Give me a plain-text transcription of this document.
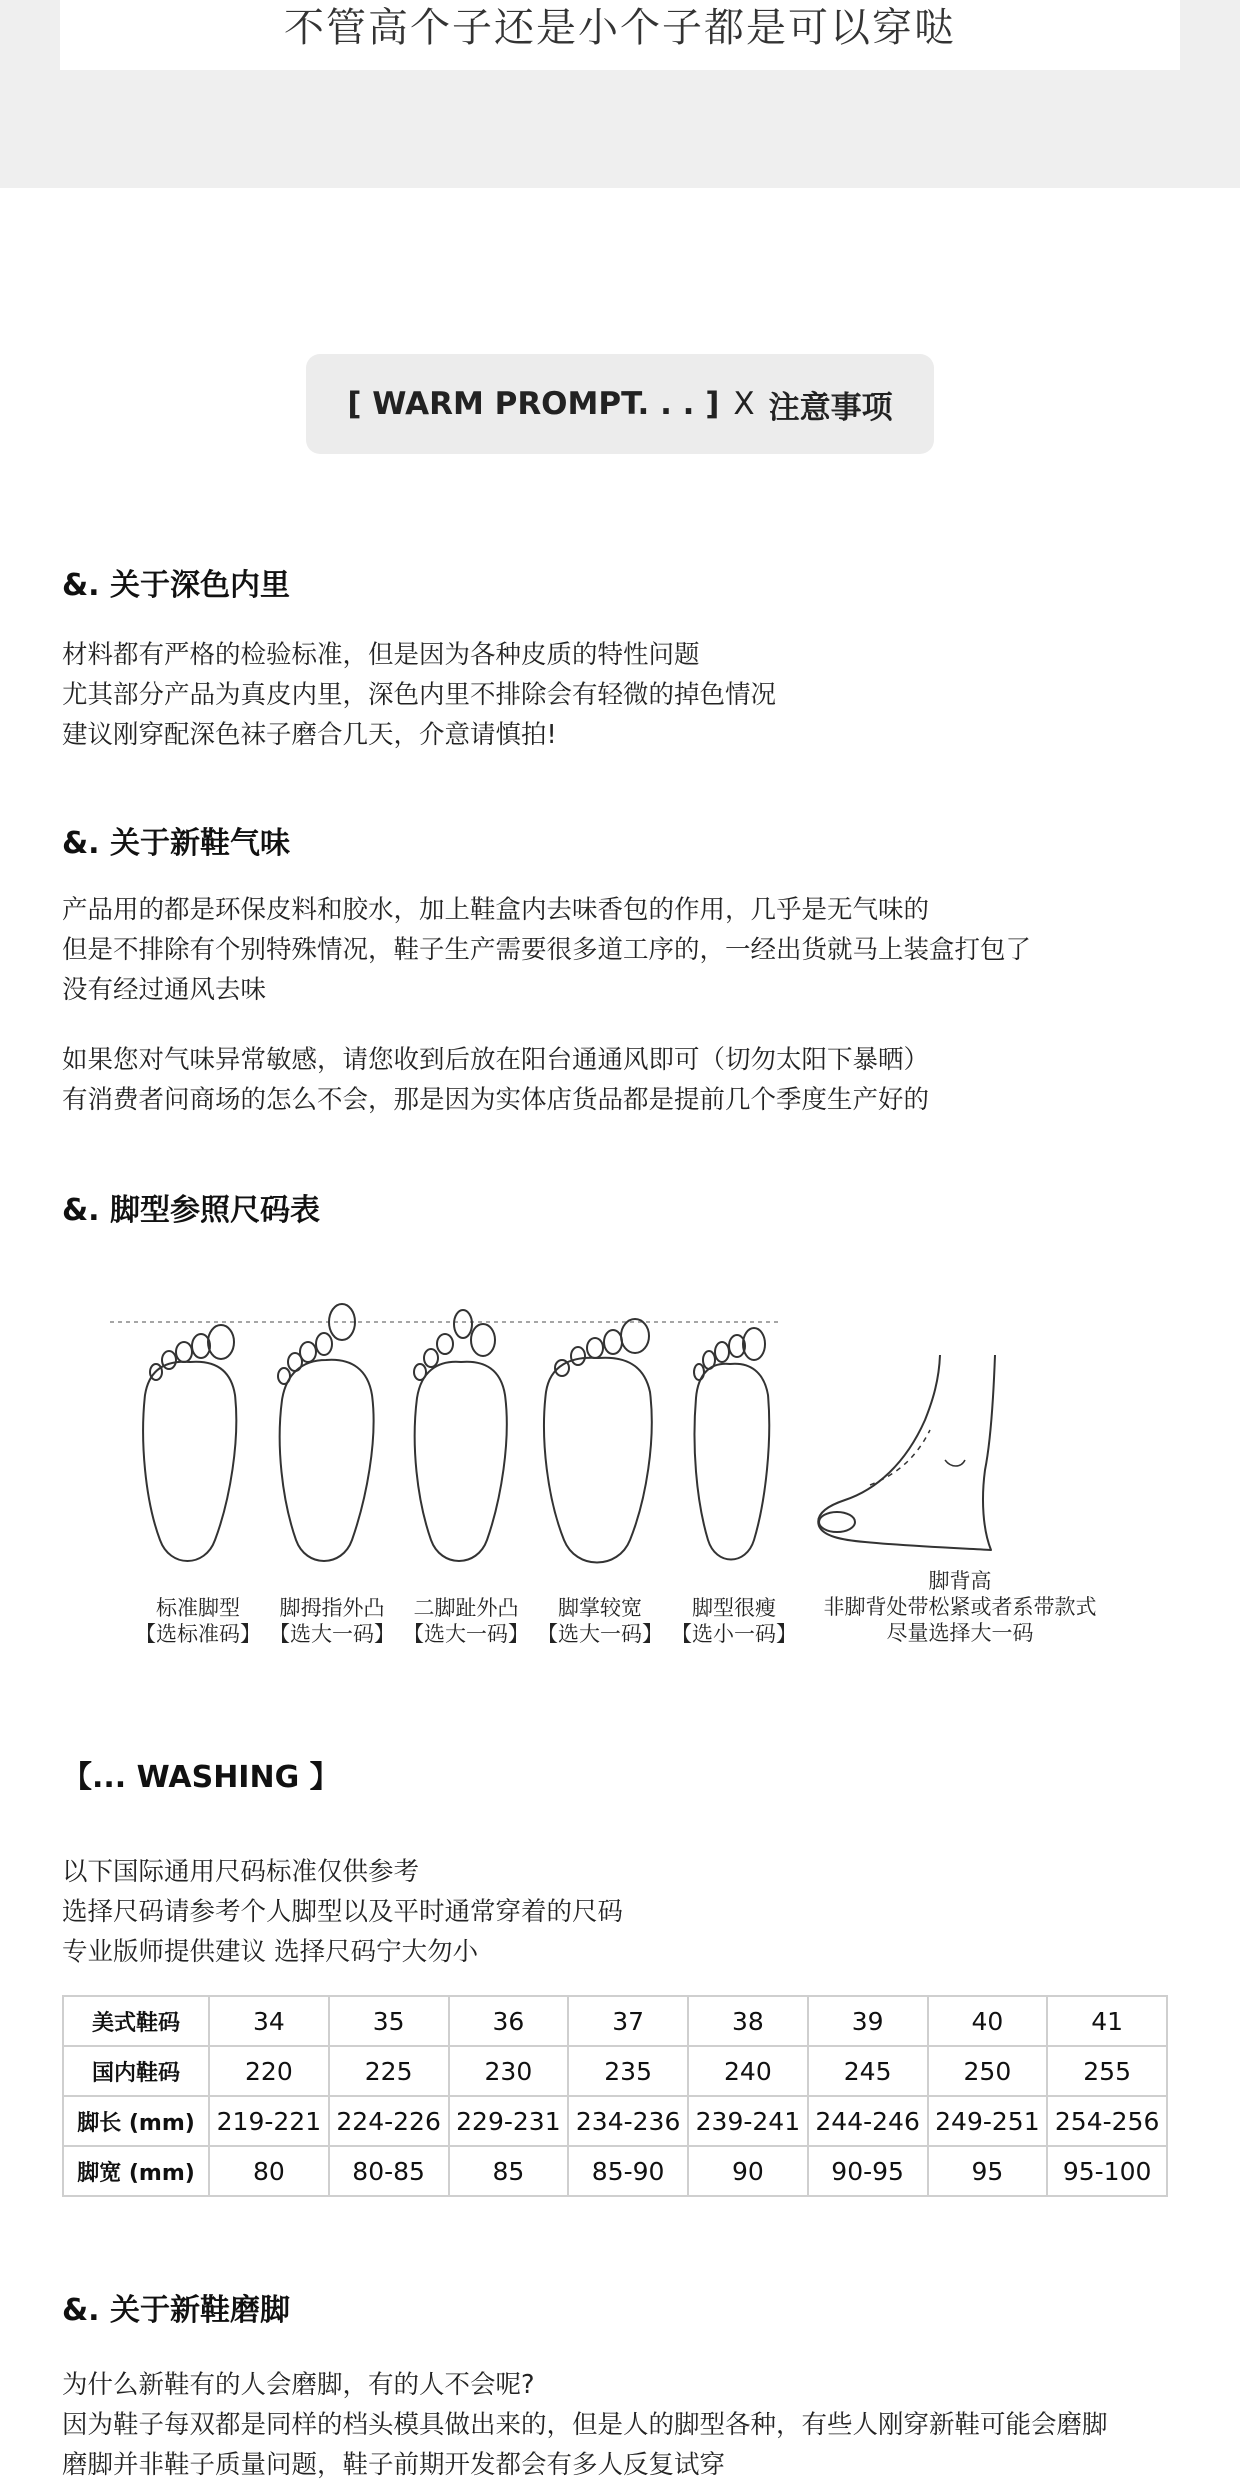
不管高个子还是小个子都是可以穿哒
[ WARM PROMPT. . . ] X 注意事项
&. 关于深色内里
材料都有严格的检验标准，但是因为各种皮质的特性问题
尤其部分产品为真皮内里，深色内里不排除会有轻微的掉色情况
建议刚穿配深色袜子磨合几天，介意请慎拍!
&. 关于新鞋气味
产品用的都是环保皮料和胶水，加上鞋盒内去味香包的作用，几乎是无气味的
但是不排除有个别特殊情况，鞋子生产需要很多道工序的，一经出货就马上装盒打包了
没有经过通风去味
如果您对气味异常敏感，请您收到后放在阳台通通风即可（切勿太阳下暴晒）
有消费者问商场的怎么不会，那是因为实体店货品都是提前几个季度生产好的
&. 脚型参照尺码表
标准脚型
【选标准码】
脚拇指外凸
【选大一码】
二脚趾外凸
【选大一码】
脚掌较宽
【选大一码】
脚型很瘦
【选小一码】
脚背高
非脚背处带松紧或者系带款式
尽量选择大一码
【... WASHING 】
以下国际通用尺码标准仅供参考
选择尺码请参考个人脚型以及平时通常穿着的尺码
专业版师提供建议 选择尺码宁大勿小
美式鞋码	34	35	36	37	38	39	40	41
国内鞋码	220	225	230	235	240	245	250	255
脚长 (mm)	219-221	224-226	229-231	234-236	239-241	244-246	249-251	254-256
脚宽 (mm)	80	80-85	85	85-90	90	90-95	95	95-100
&. 关于新鞋磨脚
为什么新鞋有的人会磨脚，有的人不会呢?
因为鞋子每双都是同样的档头模具做出来的，但是人的脚型各种，有些人刚穿新鞋可能会磨脚
磨脚并非鞋子质量问题，鞋子前期开发都会有多人反复试穿
